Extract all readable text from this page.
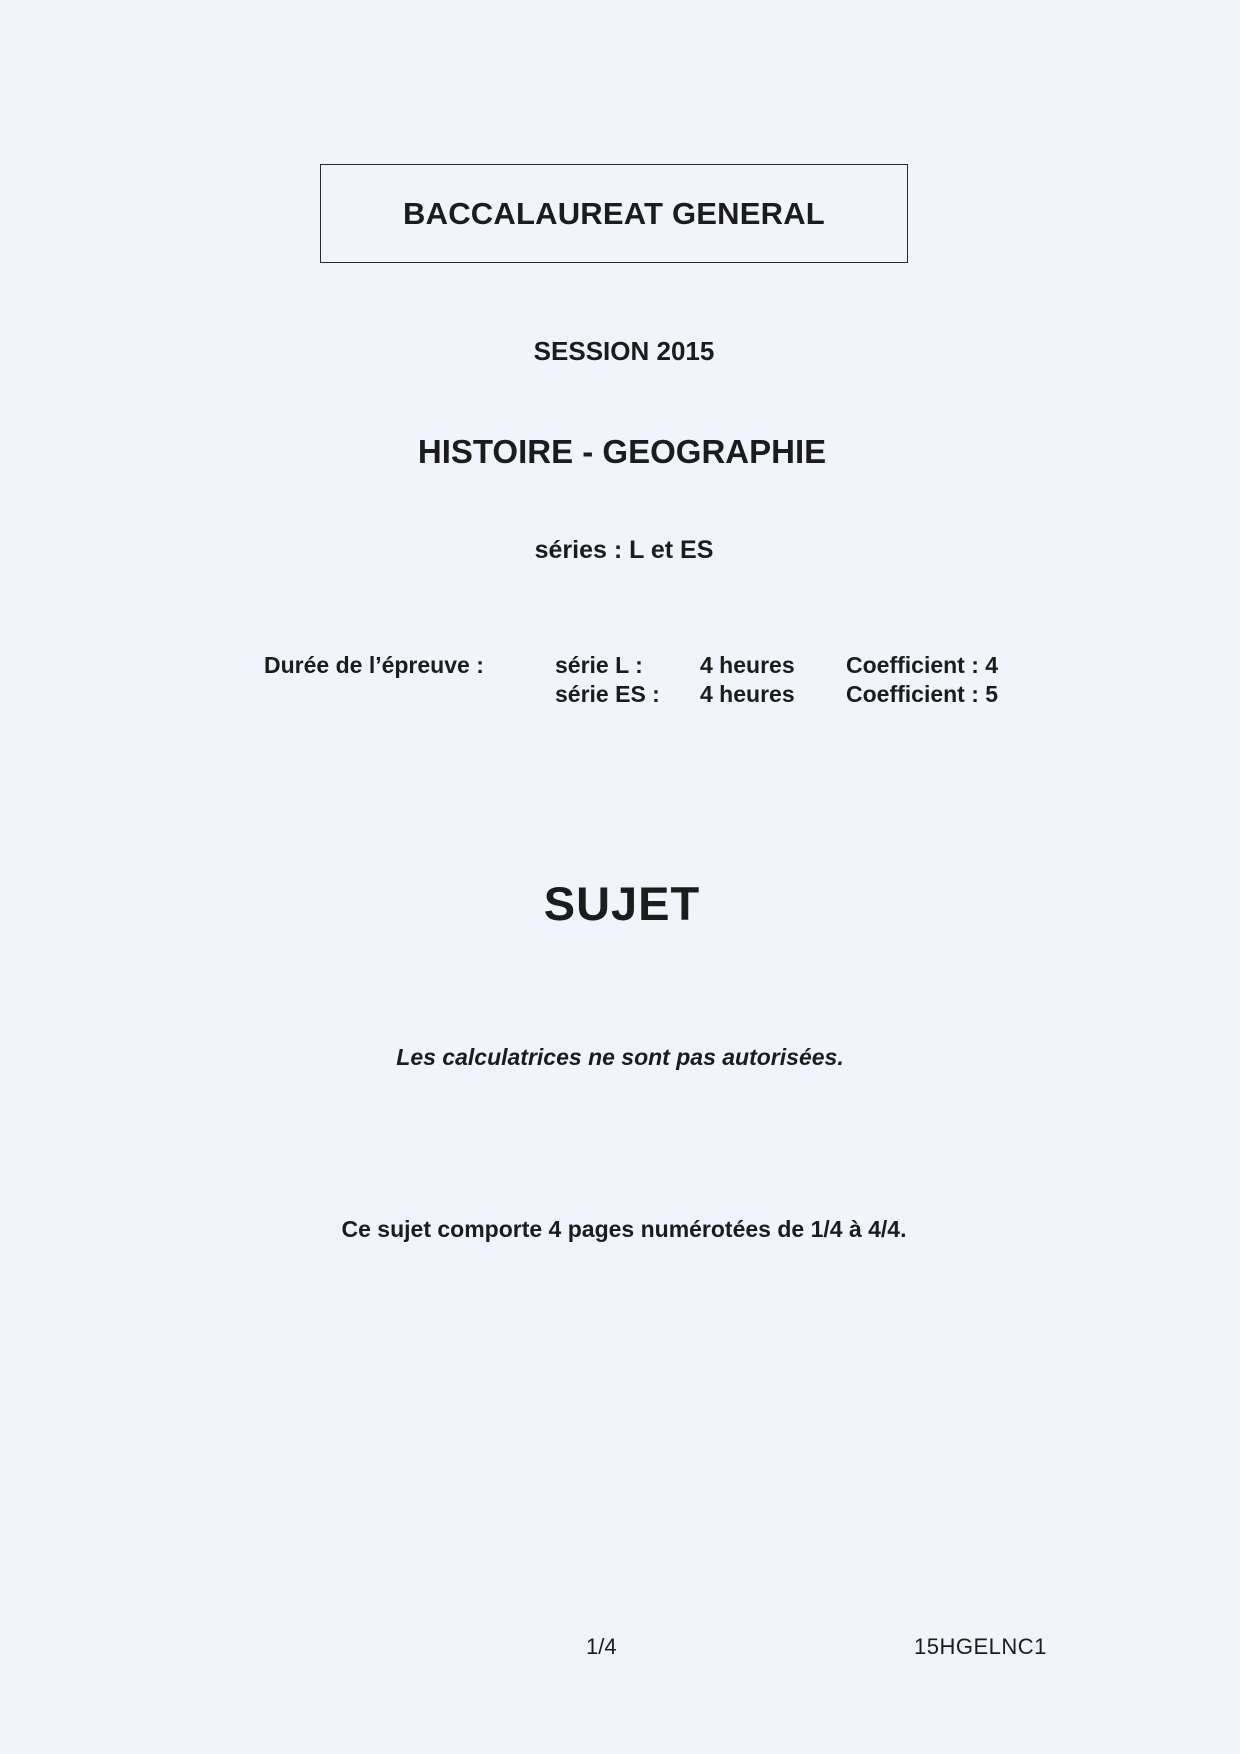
BACCALAUREAT GENERAL
SESSION 2015
HISTOIRE - GEOGRAPHIE
séries : L et ES
Durée de l’épreuve :	série L : 4 heures Coefficient : 4
série ES : 4 heures Coefficient : 5
SUJET
Les calculatrices ne sont pas autorisées.
Ce sujet comporte 4 pages numérotées de 1/4 à 4/4.
1/4	15HGELNC1
